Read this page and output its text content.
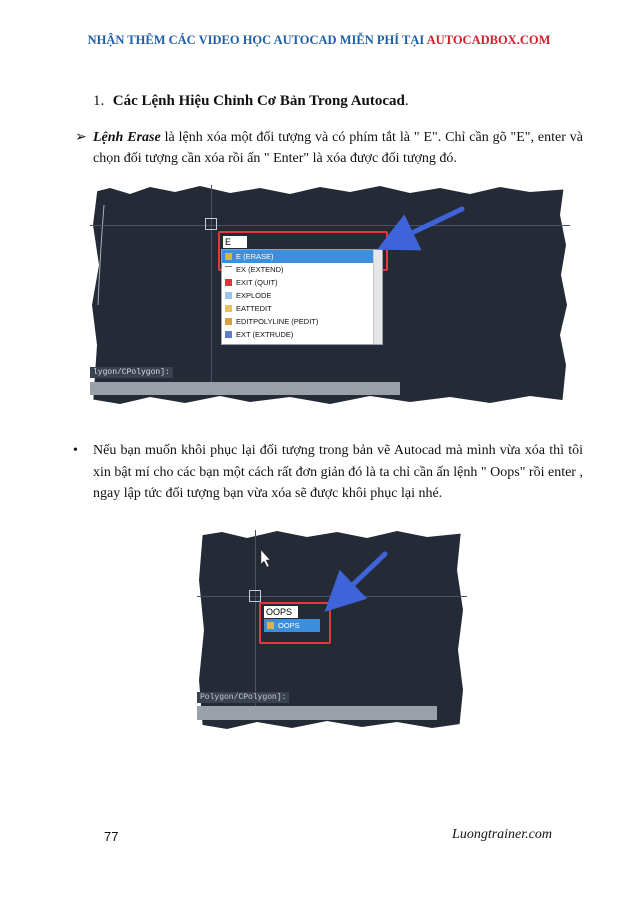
NHẬN THÊM CÁC VIDEO HỌC AUTOCAD MIỄN PHÍ TẠI AUTOCADBOX.COM
1. Các Lệnh Hiệu Chỉnh Cơ Bản Trong Autocad.
➢ Lệnh Erase là lệnh xóa một đối tượng và có phím tắt là " E". Chỉ cần gõ "E", enter và chọn đối tượng cần xóa rồi ấn " Enter" là xóa được đối tượng đó.
E
E (ERASE)
EX (EXTEND)
EXIT (QUIT)
EXPLODE
EATTEDIT
EDITPOLYLINE (PEDIT)
EXT (EXTRUDE)
lygon/CPolygon]:
• Nếu bạn muốn khôi phục lại đối tượng trong bản vẽ Autocad mà mình vừa xóa thì tôi xin bật mí cho các bạn một cách rất đơn giản đó là ta chỉ cần ấn lệnh " Oops" rồi enter , ngay lập tức đối tượng bạn vừa xóa sẽ được khôi phục lại nhé.
OOPS
OOPS
Polygon/CPolygon]:
77	Luongtrainer.com
